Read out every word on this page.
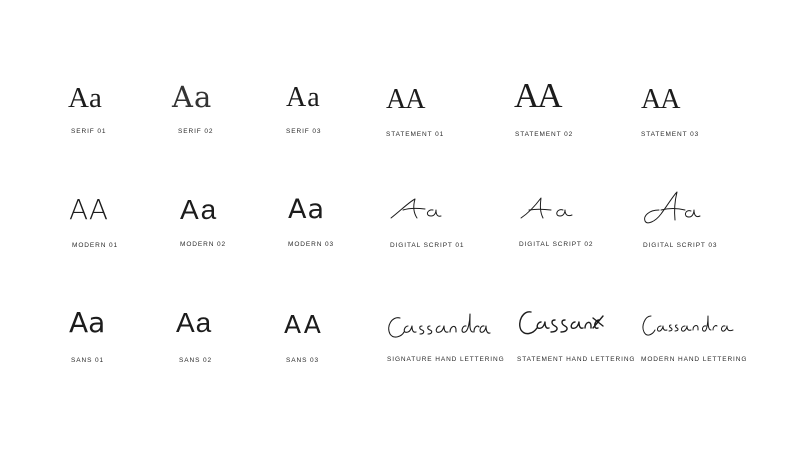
Aa
SERIF 01
Aa
SERIF 02
Aa
SERIF 03
AA
STATEMENT 01
AA
STATEMENT 02
AA
STATEMENT 03
AA
MODERN 01
Aa
MODERN 02
Aa
MODERN 03	DIGITAL SCRIPT 01	DIGITAL SCRIPT 02	DIGITAL SCRIPT 03
Aa
SANS 01
Aa
SANS 02
AA
SANS 03	SIGNATURE HAND LETTERING STATEMENT HAND LETTERING MODERN HAND LETTERING
